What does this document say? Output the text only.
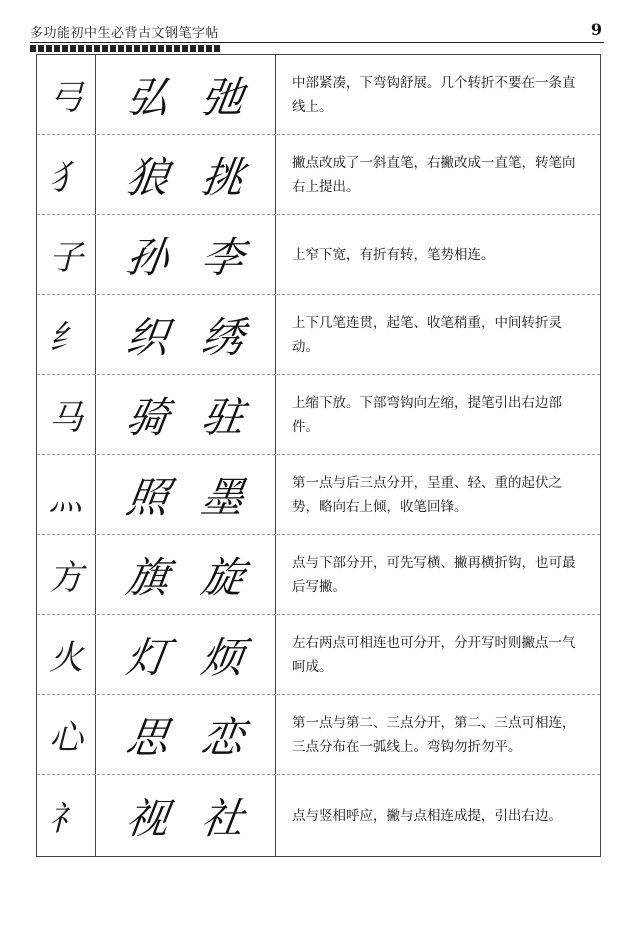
多功能初中生必背古文钢笔字帖	9
弓 弘 弛	中部紧凑，下弯钩舒展。几个转折不要在一条直线上。
犭 狼 挑	撇点改成了一斜直笔，右撇改成一直笔，转笔向右上提出。
子 孙 李	上窄下宽，有折有转，笔势相连。
纟 织 绣	上下几笔连贯，起笔、收笔稍重，中间转折灵动。
马 骑 驻	上缩下放。下部弯钩向左缩，提笔引出右边部件。
灬 照 墨	第一点与后三点分开，呈重、轻、重的起伏之势，略向右上倾，收笔回锋。
方 旗 旋	点与下部分开，可先写横、撇再横折钩，也可最后写撇。
火 灯 烦	左右两点可相连也可分开，分开写时则撇点一气呵成。
心 思 恋	第一点与第二、三点分开，第二、三点可相连，三点分布在一弧线上。弯钩勿折勿平。
礻 视 社	点与竖相呼应，撇与点相连成提，引出右边。
